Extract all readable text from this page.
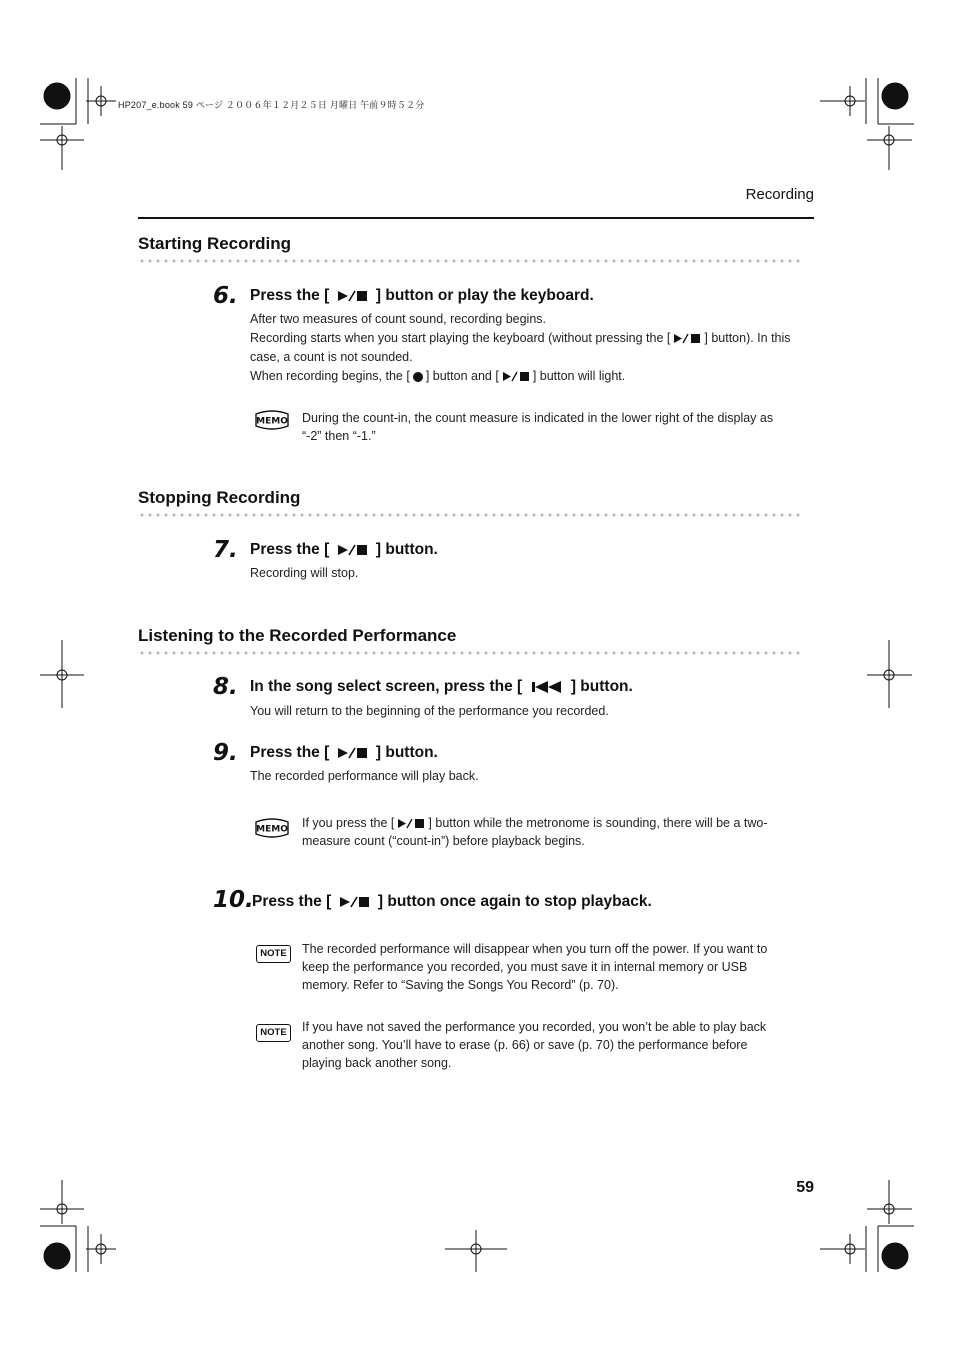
HP207_e.book 59 ページ ２００６年１２月２５日 月曜日 午前９時５２分
Recording
Starting Recording
6. Press the [	] button or play the keyboard.
After two measures of count sound, recording begins.
Recording starts when you start playing the keyboard (without pressing the [	] button). In this
case, a count is not sounded.
When recording begins, the [ ] button and [	] button will light.
MEMO During the count-in, the count measure is indicated in the lower right of the display as
“-2” then “-1.”
Stopping Recording
7. Press the [	] button.
Recording will stop.
Listening to the Recorded Performance
8. In the song select screen, press the [	] button.
You will return to the beginning of the performance you recorded.
9. Press the [	] button.
The recorded performance will play back.
MEMO If you press the [	] button while the metronome is sounding, there will be a two-
measure count (“count-in”) before playback begins.
10.
Press the [	] button once again to stop playback.
NOTE	The recorded performance will disappear when you turn off the power. If you want to
keep the performance you recorded, you must save it in internal memory or USB
memory. Refer to “Saving the Songs You Record” (p. 70).
NOTE	If you have not saved the performance you recorded, you won’t be able to play back
another song. You’ll have to erase (p. 66) or save (p. 70) the performance before
playing back another song.
59
